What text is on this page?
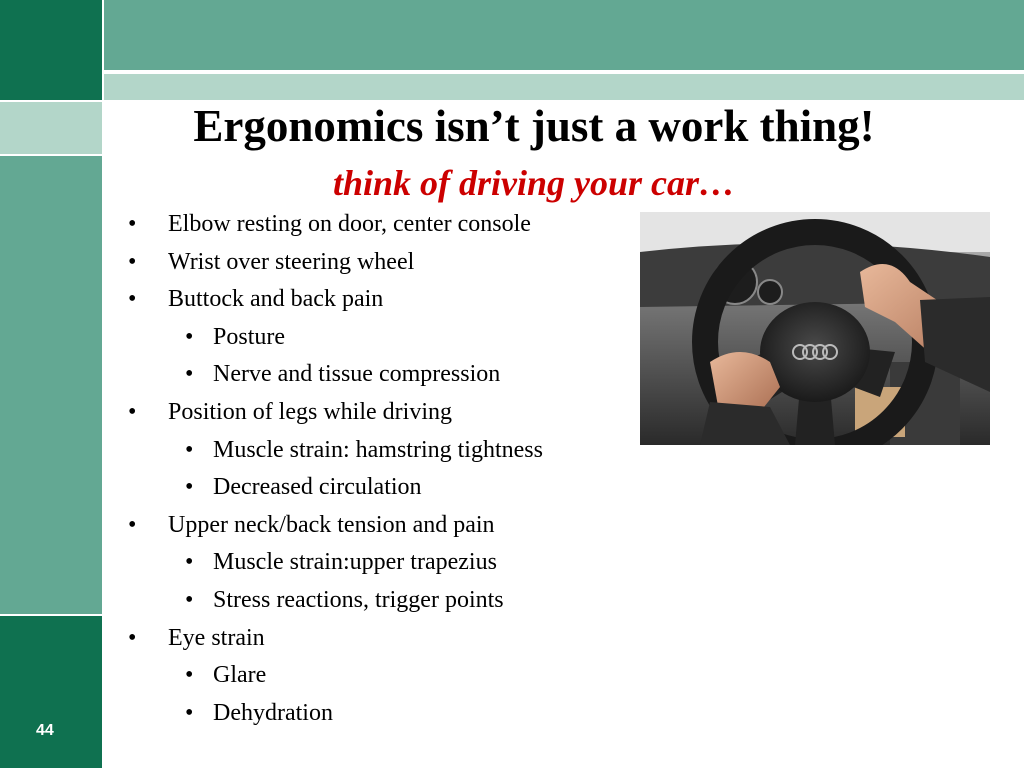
44
Ergonomics isn’t just a work thing!
think of driving your car…
• Elbow resting on door, center console
• Wrist over steering wheel
• Buttock and back pain
• Posture
• Nerve and tissue compression
• Position of legs while driving
• Muscle strain: hamstring tightness
• Decreased circulation
• Upper neck/back tension and pain
• Muscle strain:upper trapezius
• Stress reactions, trigger points
• Eye strain
• Glare
• Dehydration
